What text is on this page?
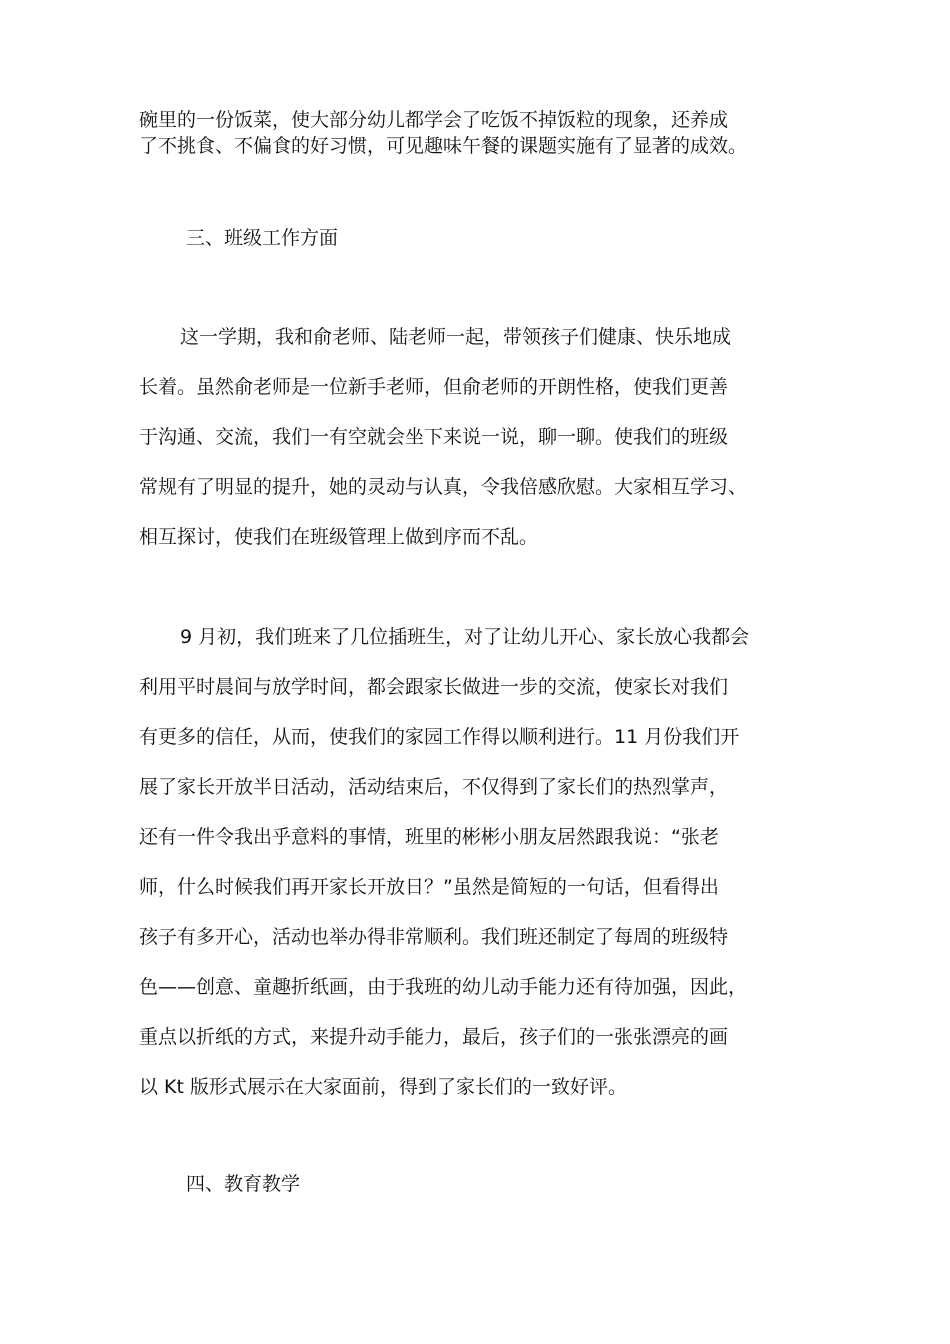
碗里的一份饭菜，使大部分幼儿都学会了吃饭不掉饭粒的现象，还养成
了不挑食、不偏食的好习惯，可见趣味午餐的课题实施有了显著的成效。
三、班级工作方面
这一学期，我和俞老师、陆老师一起，带领孩子们健康、快乐地成
长着。虽然俞老师是一位新手老师，但俞老师的开朗性格，使我们更善
于沟通、交流，我们一有空就会坐下来说一说，聊一聊。使我们的班级
常规有了明显的提升，她的灵动与认真，令我倍感欣慰。大家相互学习、
相互探讨，使我们在班级管理上做到序而不乱。
9 月初，我们班来了几位插班生，对了让幼儿开心、家长放心我都会
利用平时晨间与放学时间，都会跟家长做进一步的交流，使家长对我们
有更多的信任，从而，使我们的家园工作得以顺利进行。11 月份我们开
展了家长开放半日活动，活动结束后，不仅得到了家长们的热烈掌声，
还有一件令我出乎意料的事情，班里的彬彬小朋友居然跟我说：“张老
师，什么时候我们再开家长开放日？”虽然是简短的一句话，但看得出
孩子有多开心，活动也举办得非常顺利。我们班还制定了每周的班级特
色——创意、童趣折纸画，由于我班的幼儿动手能力还有待加强，因此，
重点以折纸的方式，来提升动手能力，最后，孩子们的一张张漂亮的画
以 Kt 版形式展示在大家面前，得到了家长们的一致好评。
四、教育教学
